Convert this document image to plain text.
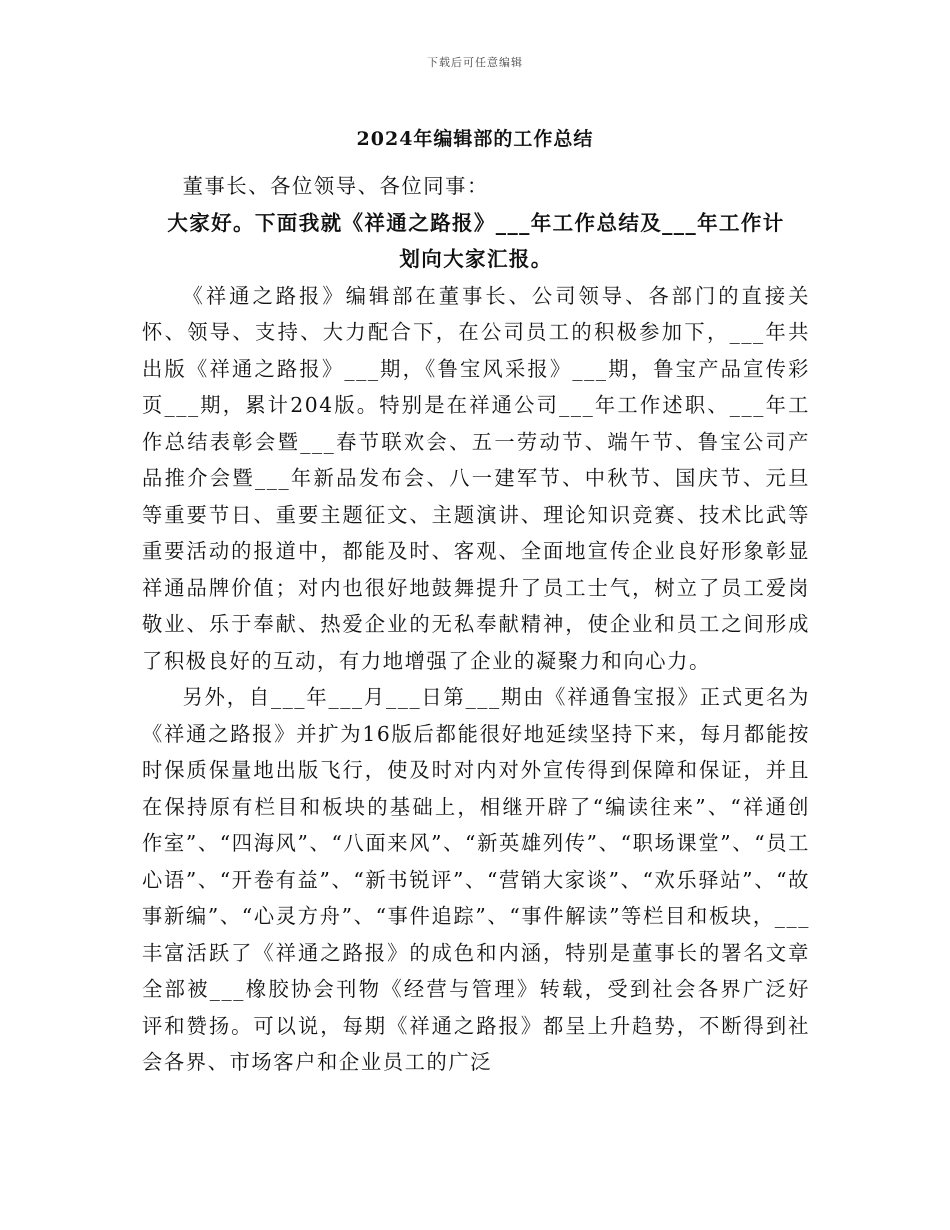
下载后可任意编辑
2024年编辑部的工作总结

董事长、各位领导、各位同事：

大家好。下面我就《祥通之路报》___年工作总结及___年工作计
划向大家汇报。

《祥通之路报》编辑部在董事长、公司领导、各部门的直接关怀、领导、支持、大力配合下，在公司员工的积极参加下，___年共出版《祥通之路报》___期，《鲁宝风采报》___期，鲁宝产品宣传彩页___期，累计204版。特别是在祥通公司___年工作述职、___年工作总结表彰会暨___春节联欢会、五一劳动节、端午节、鲁宝公司产品推介会暨___年新品发布会、八一建军节、中秋节、国庆节、元旦等重要节日、重要主题征文、主题演讲、理论知识竞赛、技术比武等重要活动的报道中，都能及时、客观、全面地宣传企业良好形象彰显祥通品牌价值；对内也很好地鼓舞提升了员工士气，树立了员工爱岗敬业、乐于奉献、热爱企业的无私奉献精神，使企业和员工之间形成了积极良好的互动，有力地增强了企业的凝聚力和向心力。

另外，自___年___月___日第___期由《祥通鲁宝报》正式更名为《祥通之路报》并扩为16版后都能很好地延续坚持下来，每月都能按时保质保量地出版飞行，使及时对内对外宣传得到保障和保证，并且在保持原有栏目和板块的基础上，相继开辟了“编读往来”、“祥通创作室”、“四海风”、“八面来风”、“新英雄列传”、“职场课堂”、“员工心语”、“开卷有益”、“新书锐评”、“营销大家谈”、“欢乐驿站”、“故事新编”、“心灵方舟”、“事件追踪”、“事件解读”等栏目和板块，___丰富活跃了《祥通之路报》的成色和内涵，特别是董事长的署名文章全部被___橡胶协会刊物《经营与管理》转载，受到社会各界广泛好评和赞扬。可以说，每期《祥通之路报》都呈上升趋势，不断得到社会各界、市场客户和企业员工的广泛
